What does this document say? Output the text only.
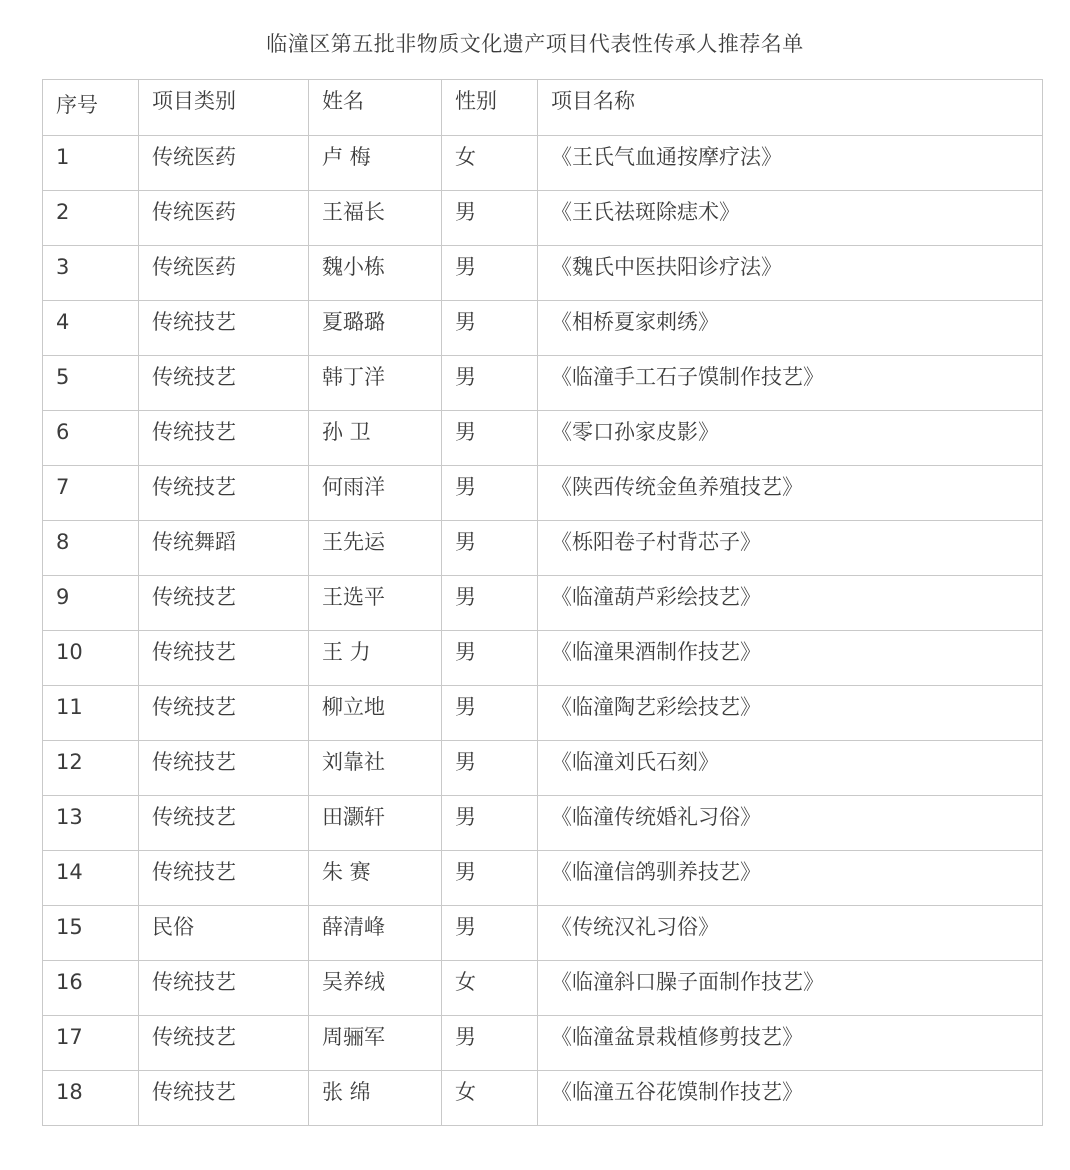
临潼区第五批非物质文化遗产项目代表性传承人推荐名单
序号	项目类别	姓名	性别	项目名称
1	传统医药	卢 梅	女	《王氏气血通按摩疗法》
2	传统医药	王福长	男	《王氏祛斑除痣术》
3	传统医药	魏小栋	男	《魏氏中医扶阳诊疗法》
4	传统技艺	夏璐璐	男	《相桥夏家刺绣》
5	传统技艺	韩丁洋	男	《临潼手工石子馍制作技艺》
6	传统技艺	孙 卫	男	《零口孙家皮影》
7	传统技艺	何雨洋	男	《陕西传统金鱼养殖技艺》
8	传统舞蹈	王先运	男	《栎阳卷子村背芯子》
9	传统技艺	王选平	男	《临潼葫芦彩绘技艺》
10	传统技艺	王 力	男	《临潼果酒制作技艺》
11	传统技艺	柳立地	男	《临潼陶艺彩绘技艺》
12	传统技艺	刘靠社	男	《临潼刘氏石刻》
13	传统技艺	田灏轩	男	《临潼传统婚礼习俗》
14	传统技艺	朱 赛	男	《临潼信鸽驯养技艺》
15	民俗	薛清峰	男	《传统汉礼习俗》
16	传统技艺	吴养绒	女	《临潼斜口臊子面制作技艺》
17	传统技艺	周骊军	男	《临潼盆景栽植修剪技艺》
18	传统技艺	张 绵	女	《临潼五谷花馍制作技艺》
